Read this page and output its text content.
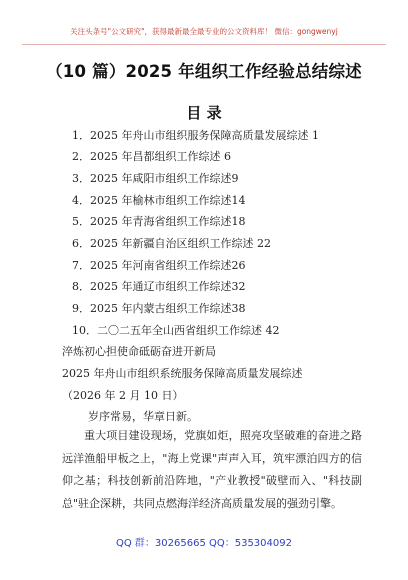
关注头条号"公文研究"，获得最新最全最专业的公文资料库！ 微信：gongwenyj
（10 篇）2025 年组织工作经验总结综述
目 录
1．2025 年舟山市组织服务保障高质量发展综述 1
2．2025 年昌都组织工作综述 6
3．2025 年咸阳市组织工作综述9
4．2025 年榆林市组织工作综述14
5．2025 年青海省组织工作综述18
6．2025 年新疆自治区组织工作综述 22
7．2025 年河南省组织工作综述26
8．2025 年通辽市组织工作综述32
9．2025 年内蒙古组织工作综述38
10．二〇二五年全山西省组织工作综述 42
淬炼初心担使命砥砺奋进开新局
2025 年舟山市组织系统服务保障高质量发展综述
（2026 年 2 月 10 日）
岁序常易，华章日新。

重大项目建设现场，党旗如炬，照亮攻坚破难的奋进之路远洋渔船甲板之上，"海上党课"声声入耳，筑牢漂泊四方的信仰之基；科技创新前沿阵地，"产业教授"破壁而入、"科技副总"驻企深耕，共同点燃海洋经济高质量发展的强劲引擎。

QQ 群：30265665 QQ：535304092
